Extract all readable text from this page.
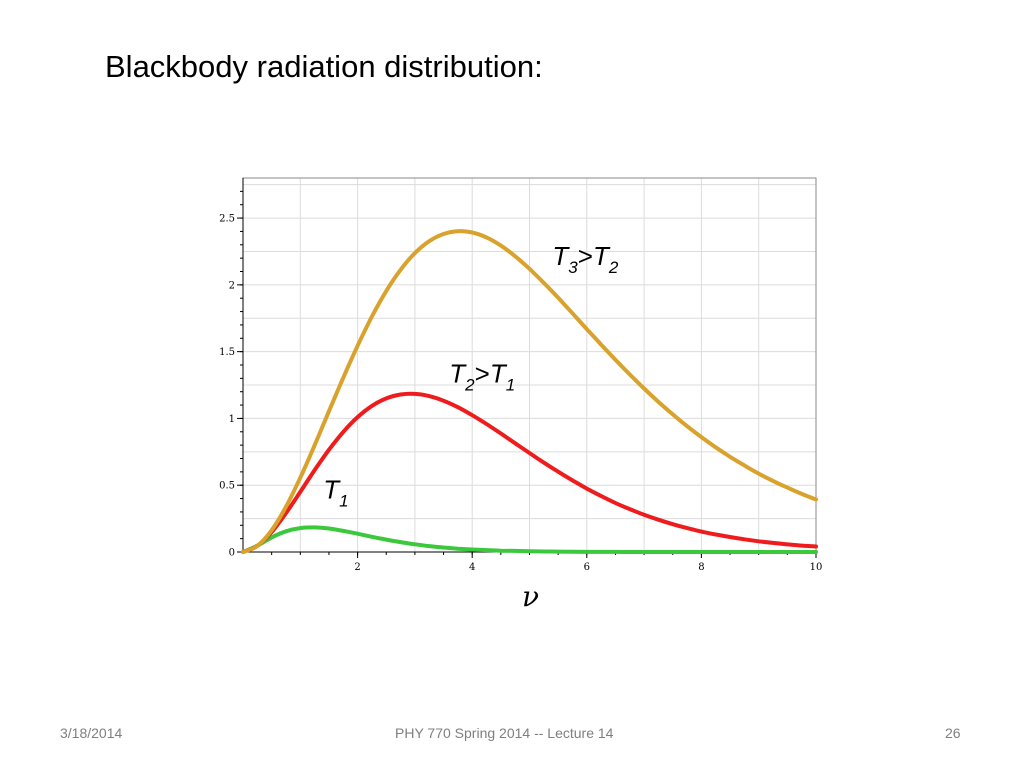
Blackbody radiation distribution:
2	4	6	8	10
0
0.5
1
1.5
2
2.5
$T_1$
$T_2>T_1$
$T_3>T_2$
ν
3/18/2014	PHY 770 Spring 2014 -- Lecture 14	26
